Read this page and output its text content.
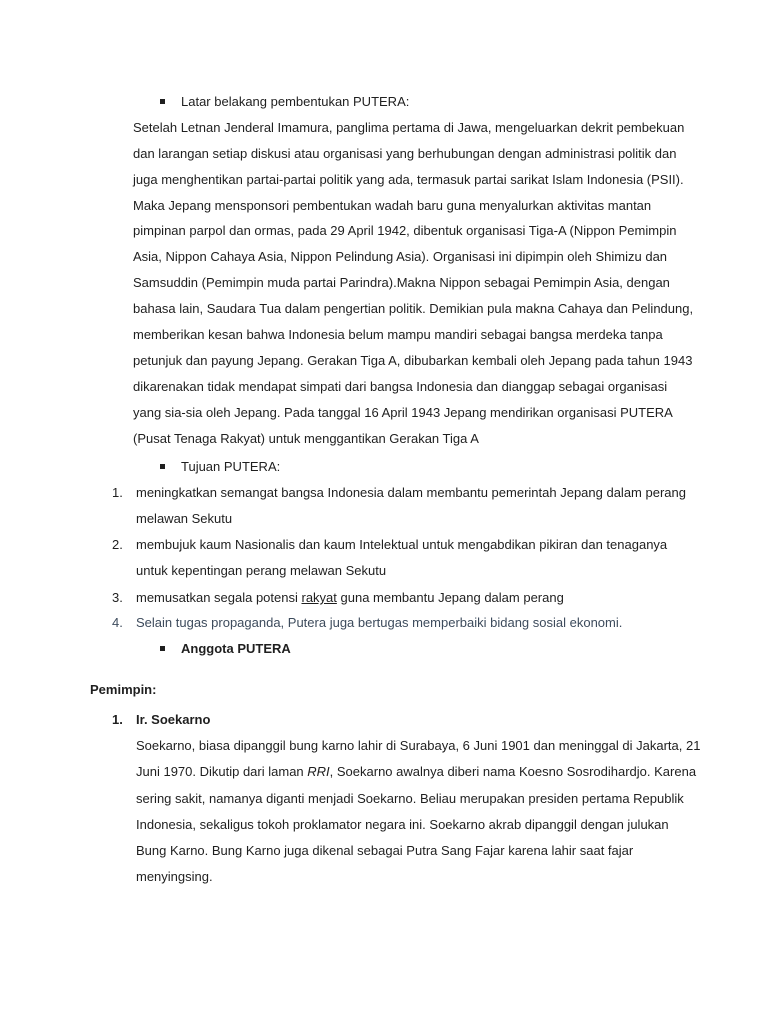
Latar belakang pembentukan PUTERA:
Setelah Letnan Jenderal Imamura, panglima pertama di Jawa, mengeluarkan dekrit pembekuan
dan larangan setiap diskusi atau organisasi yang berhubungan dengan administrasi politik dan
juga menghentikan partai-partai politik yang ada, termasuk partai sarikat Islam Indonesia (PSII).
Maka Jepang mensponsori pembentukan wadah baru guna menyalurkan aktivitas mantan
pimpinan parpol dan ormas, pada 29 April 1942, dibentuk organisasi Tiga-A (Nippon Pemimpin
Asia, Nippon Cahaya Asia, Nippon Pelindung Asia). Organisasi ini dipimpin oleh Shimizu dan
Samsuddin (Pemimpin muda partai Parindra).Makna Nippon sebagai Pemimpin Asia, dengan
bahasa lain, Saudara Tua dalam pengertian politik. Demikian pula makna Cahaya dan Pelindung,
memberikan kesan bahwa Indonesia belum mampu mandiri sebagai bangsa merdeka tanpa
petunjuk dan payung Jepang. Gerakan Tiga A, dibubarkan kembali oleh Jepang pada tahun 1943
dikarenakan tidak mendapat simpati dari bangsa Indonesia dan dianggap sebagai organisasi
yang sia-sia oleh Jepang. Pada tanggal 16 April 1943 Jepang mendirikan organisasi PUTERA
(Pusat Tenaga Rakyat) untuk menggantikan Gerakan Tiga A
Tujuan PUTERA:
1. meningkatkan semangat bangsa Indonesia dalam membantu pemerintah Jepang dalam perang
melawan Sekutu
2. membujuk kaum Nasionalis dan kaum Intelektual untuk mengabdikan pikiran dan tenaganya
untuk kepentingan perang melawan Sekutu
3. memusatkan segala potensi rakyat guna membantu Jepang dalam perang
4. Selain tugas propaganda, Putera juga bertugas memperbaiki bidang sosial ekonomi.
Anggota PUTERA
Pemimpin:
1. Ir. Soekarno
Soekarno, biasa dipanggil bung karno lahir di Surabaya, 6 Juni 1901 dan meninggal di Jakarta, 21
Juni 1970. Dikutip dari laman RRI, Soekarno awalnya diberi nama Koesno Sosrodihardjo. Karena
sering sakit, namanya diganti menjadi Soekarno. Beliau merupakan presiden pertama Republik
Indonesia, sekaligus tokoh proklamator negara ini. Soekarno akrab dipanggil dengan julukan
Bung Karno. Bung Karno juga dikenal sebagai Putra Sang Fajar karena lahir saat fajar
menyingsing.
